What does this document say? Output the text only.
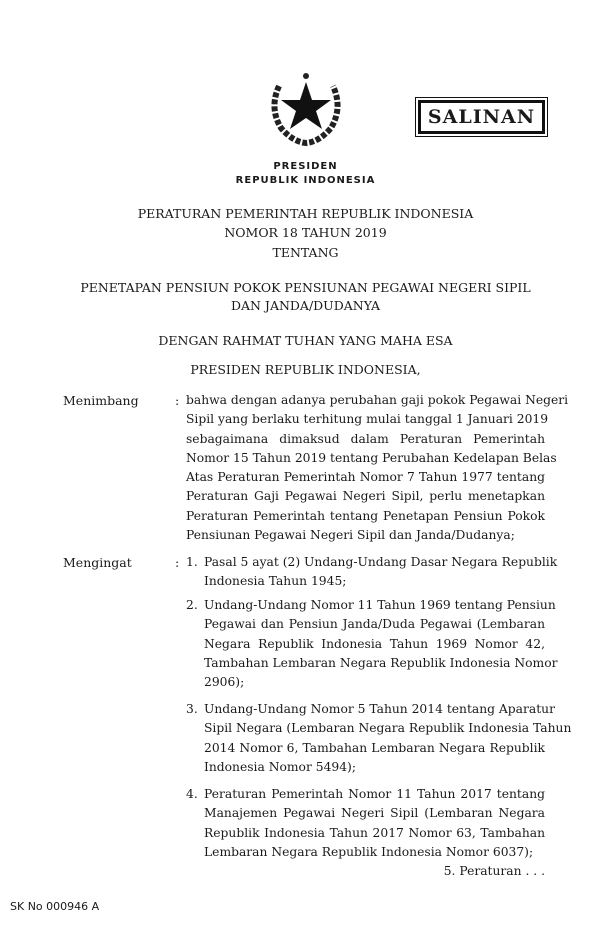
SALINAN
PRESIDEN
REPUBLIK INDONESIA
PERATURAN PEMERINTAH REPUBLIK INDONESIA
NOMOR 18 TAHUN 2019
TENTANG
PENETAPAN PENSIUN POKOK PENSIUNAN PEGAWAI NEGERI SIPIL
DAN JANDA/DUDANYA
DENGAN RAHMAT TUHAN YANG MAHA ESA
PRESIDEN REPUBLIK INDONESIA,
Menimbang	: bahwa dengan adanya perubahan gaji pokok Pegawai Negeri
Sipil yang berlaku terhitung mulai tanggal 1 Januari 2019
sebagaimana dimaksud dalam Peraturan Pemerintah
Nomor 15 Tahun 2019 tentang Perubahan Kedelapan Belas
Atas Peraturan Pemerintah Nomor 7 Tahun 1977 tentang
Peraturan Gaji Pegawai Negeri Sipil, perlu menetapkan
Peraturan Pemerintah tentang Penetapan Pensiun Pokok
Pensiunan Pegawai Negeri Sipil dan Janda/Dudanya;
Mengingat	: 1. Pasal 5 ayat (2) Undang-Undang Dasar Negara Republik
Indonesia Tahun 1945;
2. Undang-Undang Nomor 11 Tahun 1969 tentang Pensiun
Pegawai dan Pensiun Janda/Duda Pegawai (Lembaran
Negara Republik Indonesia Tahun 1969 Nomor 42,
Tambahan Lembaran Negara Republik Indonesia Nomor
2906);
3. Undang-Undang Nomor 5 Tahun 2014 tentang Aparatur
Sipil Negara (Lembaran Negara Republik Indonesia Tahun
2014 Nomor 6, Tambahan Lembaran Negara Republik
Indonesia Nomor 5494);
4. Peraturan Pemerintah Nomor 11 Tahun 2017 tentang
Manajemen Pegawai Negeri Sipil (Lembaran Negara
Republik Indonesia Tahun 2017 Nomor 63, Tambahan
Lembaran Negara Republik Indonesia Nomor 6037);
5. Peraturan . . .
SK No 000946 A
